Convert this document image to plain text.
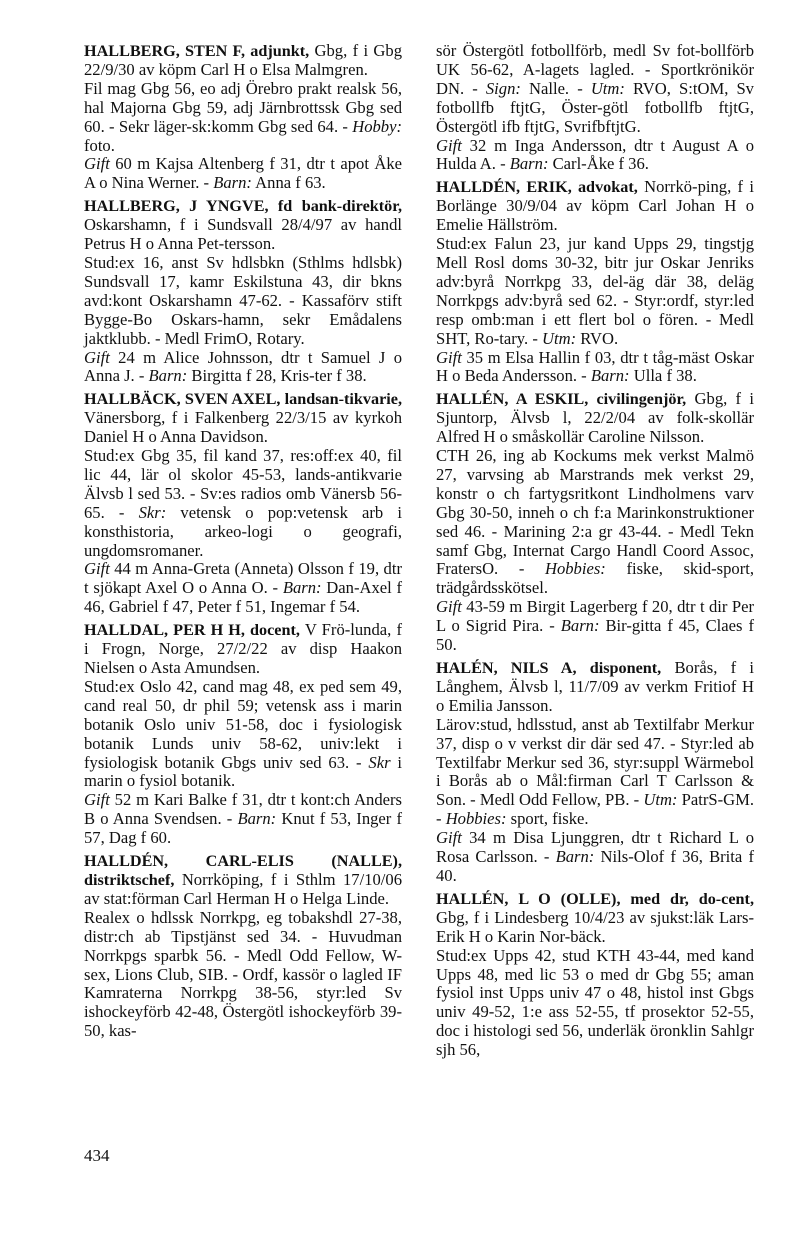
HALLBERG, STEN F, adjunkt, Gbg, f i Gbg 22/9/30 av köpm Carl H o Elsa Malmgren.

Fil mag Gbg 56, eo adj Örebro prakt realsk 56, hal Majorna Gbg 59, adj Järnbrottssk Gbg sed 60. - Sekr läger-sk:komm Gbg sed 64. - Hobby: foto.

Gift 60 m Kajsa Altenberg f 31, dtr t apot Åke A o Nina Werner. - Barn: Anna f 63.

HALLBERG, J YNGVE, fd bank-direktör, Oskarshamn, f i Sundsvall 28/4/97 av handl Petrus H o Anna Pet-tersson.

Stud:ex 16, anst Sv hdlsbkn (Sthlms hdlsbk) Sundsvall 17, kamr Eskilstuna 43, dir bkns avd:kont Oskarshamn 47-62. - Kassaförv stift Bygge-Bo Oskars-hamn, sekr Emådalens jaktklubb. - Medl FrimO, Rotary.

Gift 24 m Alice Johnsson, dtr t Samuel J o Anna J. - Barn: Birgitta f 28, Kris-ter f 38.

HALLBÄCK, SVEN AXEL, landsan-tikvarie, Vänersborg, f i Falkenberg 22/3/15 av kyrkoh Daniel H o Anna Davidson.

Stud:ex Gbg 35, fil kand 37, res:off:ex 40, fil lic 44, lär ol skolor 45-53, lands-antikvarie Älvsb l sed 53. - Sv:es radios omb Vänersb 56-65. - Skr: vetensk o pop:vetensk arb i konsthistoria, arkeo-logi o geografi, ungdomsromaner.

Gift 44 m Anna-Greta (Anneta) Olsson f 19, dtr t sjökapt Axel O o Anna O. - Barn: Dan-Axel f 46, Gabriel f 47, Peter f 51, Ingemar f 54.

HALLDAL, PER H H, docent, V Frö-lunda, f i Frogn, Norge, 27/2/22 av disp Haakon Nielsen o Asta Amundsen.

Stud:ex Oslo 42, cand mag 48, ex ped sem 49, cand real 50, dr phil 59; vetensk ass i marin botanik Oslo univ 51-58, doc i fysiologisk botanik Lunds univ 58-62, univ:lekt i fysiologisk botanik Gbgs univ sed 63. - Skr i marin o fysiol botanik.

Gift 52 m Kari Balke f 31, dtr t kont:ch Anders B o Anna Svendsen. - Barn: Knut f 53, Inger f 57, Dag f 60.

HALLDÉN, CARL-ELIS (NALLE), distriktschef, Norrköping, f i Sthlm 17/10/06 av stat:förman Carl Herman H o Helga Linde.

Realex o hdlssk Norrkpg, eg tobakshdl 27-38, distr:ch ab Tipstjänst sed 34. - Huvudman Norrkpgs sparbk 56. - Medl Odd Fellow, W-sex, Lions Club, SIB. - Ordf, kassör o lagled IF Kamraterna Norrkpg 38-56, styr:led Sv ishockeyförb 42-48, Östergötl ishockeyförb 39-50, kas-

sör Östergötl fotbollförb, medl Sv fot-bollförb UK 56-62, A-lagets lagled. - Sportkrönikör DN. - Sign: Nalle. - Utm: RVO, S:tOM, Sv fotbollfb ftjtG, Öster-götl fotbollfb ftjtG, Östergötl ifb ftjtG, SvrifbftjtG.

Gift 32 m Inga Andersson, dtr t August A o Hulda A. - Barn: Carl-Åke f 36.

HALLDÉN, ERIK, advokat, Norrkö-ping, f i Borlänge 30/9/04 av köpm Carl Johan H o Emelie Hällström.

Stud:ex Falun 23, jur kand Upps 29, tingstjg Mell Rosl doms 30-32, bitr jur Oskar Jenriks adv:byrå Norrkpg 33, del-äg där 38, deläg Norrkpgs adv:byrå sed 62. - Styr:ordf, styr:led resp omb:man i ett flert bol o fören. - Medl SHT, Ro-tary. - Utm: RVO.

Gift 35 m Elsa Hallin f 03, dtr t tåg-mäst Oskar H o Beda Andersson. - Barn: Ulla f 38.

HALLÉN, A ESKIL, civilingenjör, Gbg, f i Sjuntorp, Älvsb l, 22/2/04 av folk-skollär Alfred H o småskollär Caroline Nilsson.

CTH 26, ing ab Kockums mek verkst Malmö 27, varvsing ab Marstrands mek verkst 29, konstr o ch fartygsritkont Lindholmens varv Gbg 30-50, inneh o ch f:a Marinkonstruktioner sed 46. - Marining 2:a gr 43-44. - Medl Tekn samf Gbg, Internat Cargo Handl Coord Assoc, FratersO. - Hobbies: fiske, skid-sport, trädgårdsskötsel.

Gift 43-59 m Birgit Lagerberg f 20, dtr t dir Per L o Sigrid Pira. - Barn: Bir-gitta f 45, Claes f 50.

HALÉN, NILS A, disponent, Borås, f i Långhem, Älvsb l, 11/7/09 av verkm Fritiof H o Emilia Jansson.

Lärov:stud, hdlsstud, anst ab Textilfabr Merkur 37, disp o v verkst dir där sed 47. - Styr:led ab Textilfabr Merkur sed 36, styr:suppl Wärmebol i Borås ab o Mål:firman Carl T Carlsson & Son. - Medl Odd Fellow, PB. - Utm: PatrS-GM. - Hobbies: sport, fiske.

Gift 34 m Disa Ljunggren, dtr t Richard L o Rosa Carlsson. - Barn: Nils-Olof f 36, Brita f 40.

HALLÉN, L O (OLLE), med dr, do-cent, Gbg, f i Lindesberg 10/4/23 av sjukst:läk Lars-Erik H o Karin Nor-bäck.

Stud:ex Upps 42, stud KTH 43-44, med kand Upps 48, med lic 53 o med dr Gbg 55; aman fysiol inst Upps univ 47 o 48, histol inst Gbgs univ 49-52, 1:e ass 52-55, tf prosektor 52-55, doc i histologi sed 56, underläk öronklin Sahlgr sjh 56,

434
